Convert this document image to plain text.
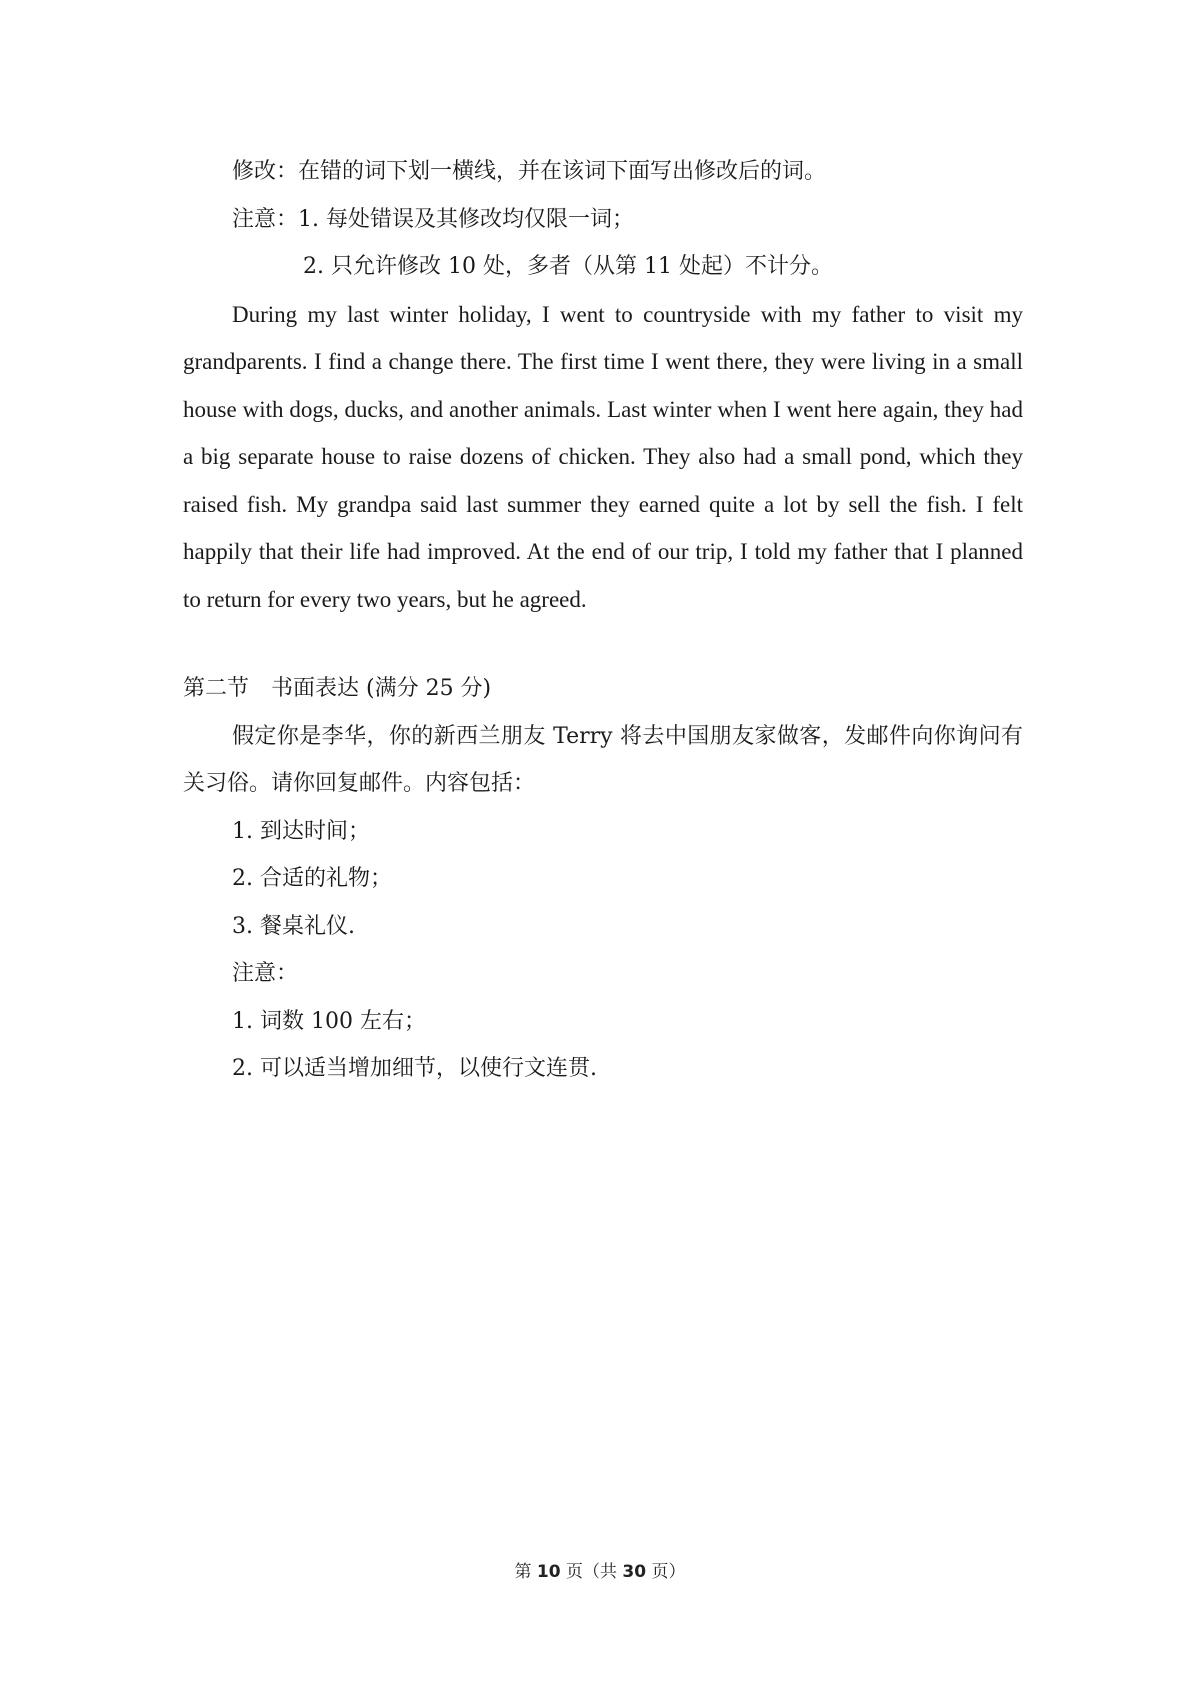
修改：在错的词下划一横线，并在该词下面写出修改后的词。
注意：1. 每处错误及其修改均仅限一词；
2. 只允许修改 10 处，多者（从第 11 处起）不计分。
During my last winter holiday, I went to countryside with my father to visit my grandparents. I find a change there. The first time I went there, they were living in a small house with dogs, ducks, and another animals. Last winter when I went here again, they had a big separate house to raise dozens of chicken. They also had a small pond, which they raised fish. My grandpa said last summer they earned quite a lot by sell the fish. I felt happily that their life had improved. At the end of our trip, I told my father that I planned to return for every two years, but he agreed.
第二节　书面表达 (满分 25 分)
假定你是李华，你的新西兰朋友 Terry 将去中国朋友家做客，发邮件向你询问有关习俗。请你回复邮件。内容包括：
1. 到达时间；
2. 合适的礼物；
3. 餐桌礼仪.
注意：
1. 词数 100 左右；
2. 可以适当增加细节，以使行文连贯.
第 10 页（共 30 页）
